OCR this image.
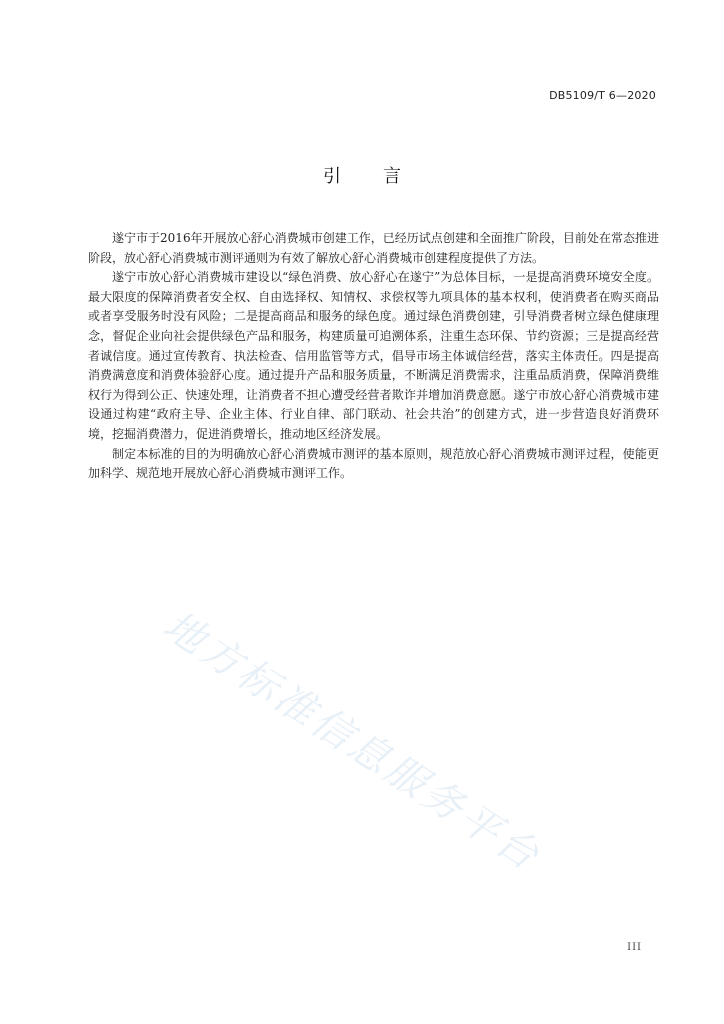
DB5109/T 6—2020
引言

遂宁市于2016年开展放心舒心消费城市创建工作，已经历试点创建和全面推广阶段，目前处在常态推进阶段，放心舒心消费城市测评通则为有效了解放心舒心消费城市创建程度提供了方法。

遂宁市放心舒心消费城市建设以“绿色消费、放心舒心在遂宁”为总体目标，一是提高消费环境安全度。最大限度的保障消费者安全权、自由选择权、知情权、求偿权等九项具体的基本权利，使消费者在购买商品或者享受服务时没有风险；二是提高商品和服务的绿色度。通过绿色消费创建，引导消费者树立绿色健康理念，督促企业向社会提供绿色产品和服务，构建质量可追溯体系，注重生态环保、节约资源；三是提高经营者诚信度。通过宣传教育、执法检查、信用监管等方式，倡导市场主体诚信经营，落实主体责任。四是提高消费满意度和消费体验舒心度。通过提升产品和服务质量，不断满足消费需求，注重品质消费，保障消费维权行为得到公正、快速处理，让消费者不担心遭受经营者欺诈并增加消费意愿。遂宁市放心舒心消费城市建设通过构建“政府主导、企业主体、行业自律、部门联动、社会共治”的创建方式，进一步营造良好消费环境，挖掘消费潜力，促进消费增长，推动地区经济发展。

制定本标准的目的为明确放心舒心消费城市测评的基本原则，规范放心舒心消费城市测评过程，使能更加科学、规范地开展放心舒心消费城市测评工作。

地方标准信息服务平台
III
